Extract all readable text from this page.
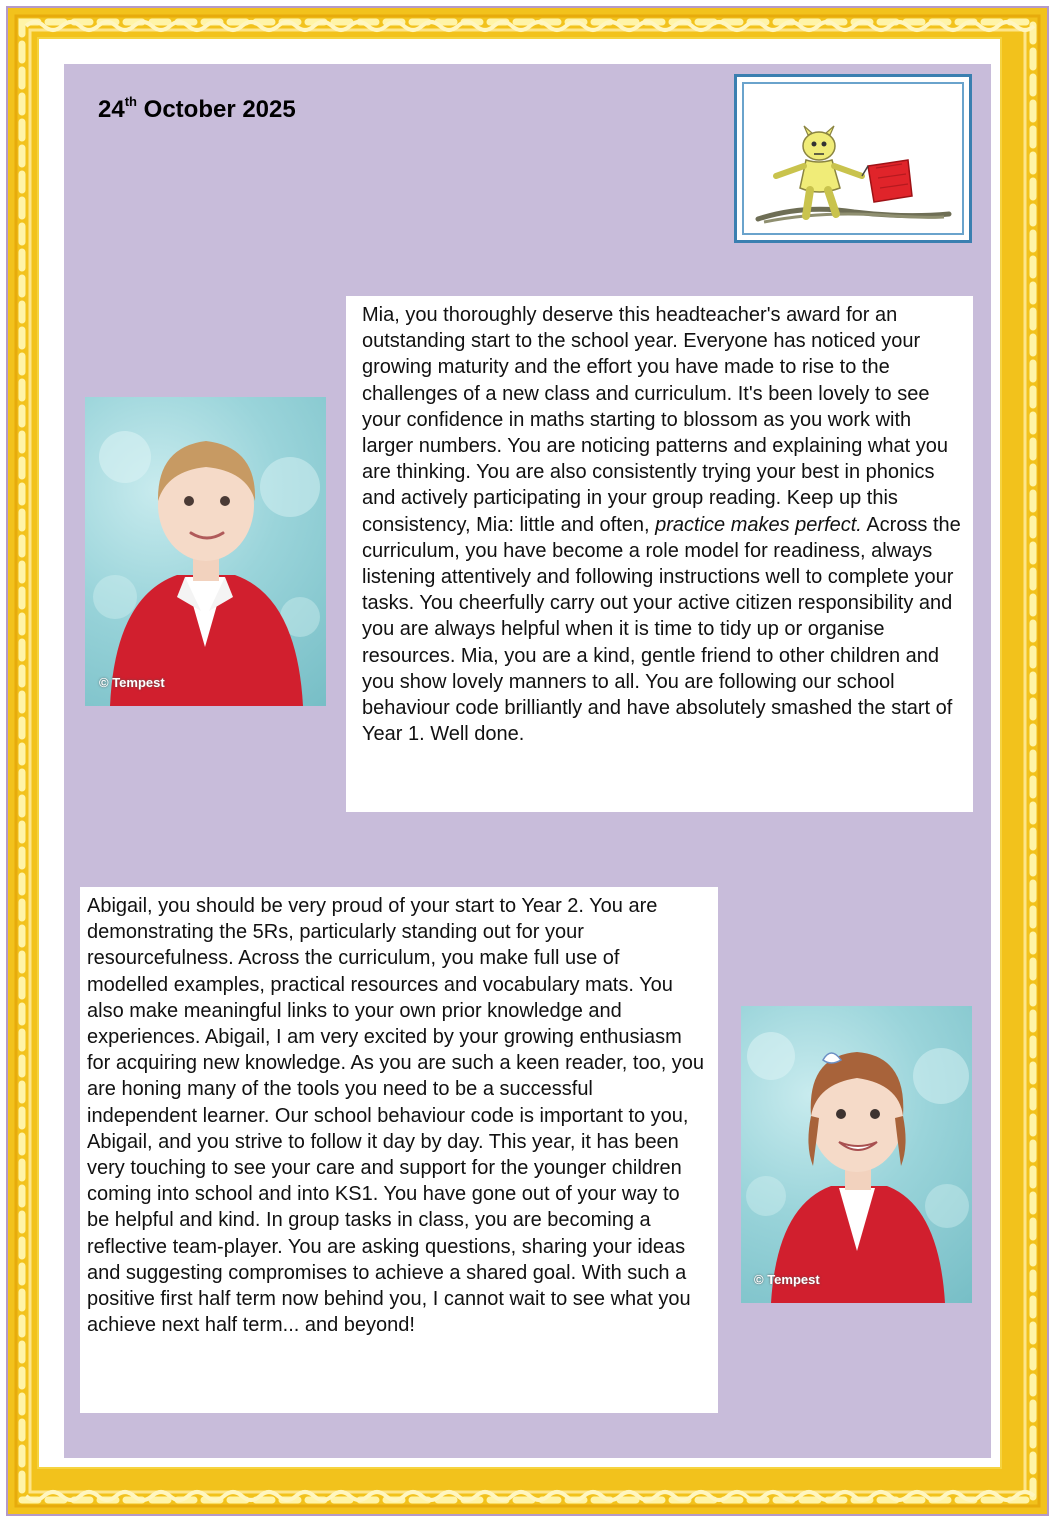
24th October 2025
© Tempest

Mia, you thoroughly deserve this headteacher's award for an outstanding start to the school year. Everyone has noticed your growing maturity and the effort you have made to rise to the challenges of a new class and curriculum. It's been lovely to see your confidence in maths starting to blossom as you work with larger numbers. You are noticing patterns and explaining what you are thinking. You are also consistently trying your best in phonics and actively participating in your group reading. Keep up this consistency, Mia: little and often, practice makes perfect. Across the curriculum, you have become a role model for readiness, always listening attentively and following instructions well to complete your tasks. You cheerfully carry out your active citizen responsibility and you are always helpful when it is time to tidy up or organise resources. Mia, you are a kind, gentle friend to other children and you show lovely manners to all. You are following our school behaviour code brilliantly and have absolutely smashed the start of Year 1. Well done.

Abigail, you should be very proud of your start to Year 2. You are demonstrating the 5Rs, particularly standing out for your resourcefulness. Across the curriculum, you make full use of modelled examples, practical resources and vocabulary mats. You also make meaningful links to your own prior knowledge and experiences. Abigail, I am very excited by your growing enthusiasm for acquiring new knowledge. As you are such a keen reader, too, you are honing many of the tools you need to be a successful independent learner. Our school behaviour code is important to you, Abigail, and you strive to follow it day by day. This year, it has been very touching to see your care and support for the younger children coming into school and into KS1. You have gone out of your way to be helpful and kind. In group tasks in class, you are becoming a reflective team-player. You are asking questions, sharing your ideas and suggesting compromises to achieve a shared goal. With such a positive first half term now behind you, I cannot wait to see what you achieve next half term... and beyond!

© Tempest
